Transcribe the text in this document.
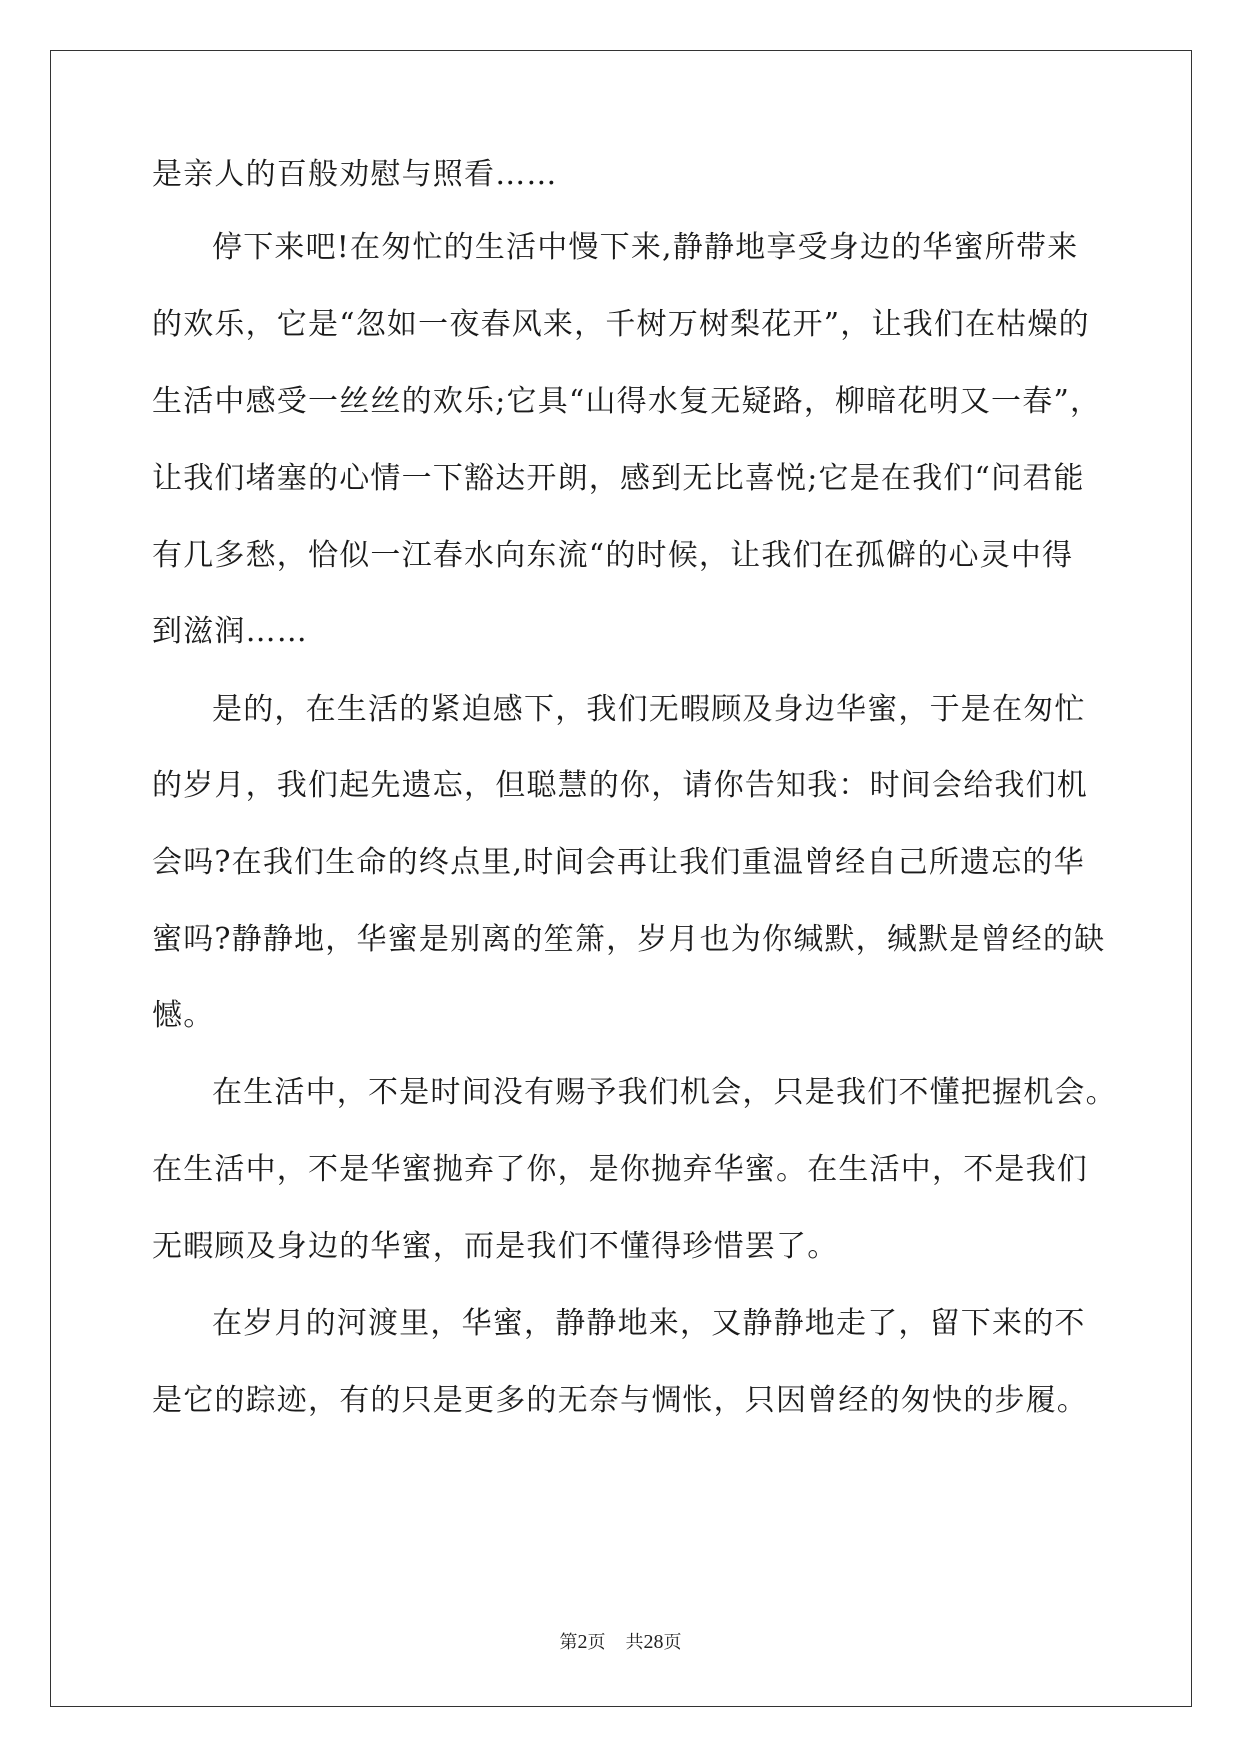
是亲人的百般劝慰与照看……
停下来吧!在匆忙的生活中慢下来,静静地享受身边的华蜜所带来
的欢乐，它是“忽如一夜春风来，千树万树梨花开”，让我们在枯燥的
生活中感受一丝丝的欢乐;它具“山得水复无疑路，柳暗花明又一春”，
让我们堵塞的心情一下豁达开朗，感到无比喜悦;它是在我们“问君能
有几多愁，恰似一江春水向东流“的时候，让我们在孤僻的心灵中得
到滋润……
是的，在生活的紧迫感下，我们无暇顾及身边华蜜，于是在匆忙
的岁月，我们起先遗忘，但聪慧的你，请你告知我：时间会给我们机
会吗?在我们生命的终点里,时间会再让我们重温曾经自己所遗忘的华
蜜吗?静静地，华蜜是别离的笙箫，岁月也为你缄默，缄默是曾经的缺
憾。
在生活中，不是时间没有赐予我们机会，只是我们不懂把握机会。
在生活中，不是华蜜抛弃了你，是你抛弃华蜜。在生活中，不是我们
无暇顾及身边的华蜜，而是我们不懂得珍惜罢了。
在岁月的河渡里，华蜜，静静地来，又静静地走了，留下来的不
是它的踪迹，有的只是更多的无奈与惆怅，只因曾经的匆快的步履。
第2页 共28页
